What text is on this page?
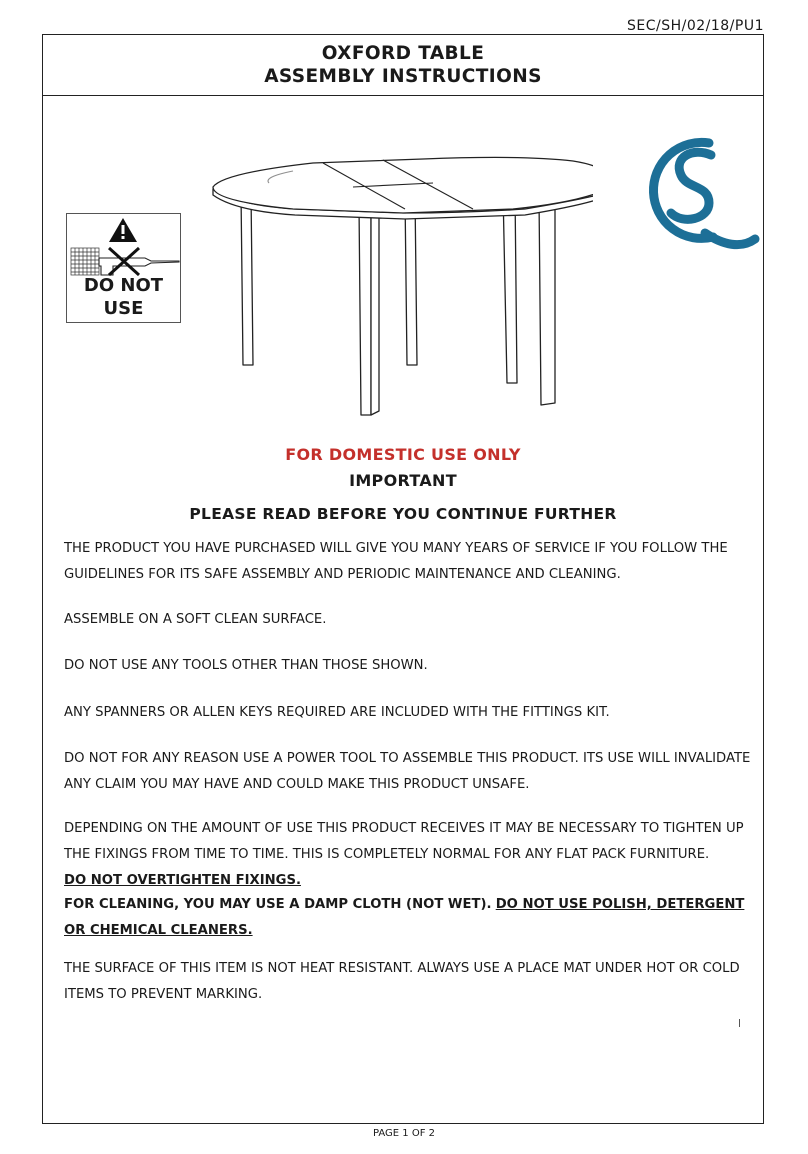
SEC/SH/02/18/PU1
OXFORD TABLE
ASSEMBLY INSTRUCTIONS
DO NOT
USE
FOR DOMESTIC USE ONLY
IMPORTANT
PLEASE READ BEFORE YOU CONTINUE FURTHER
THE PRODUCT YOU HAVE PURCHASED WILL GIVE YOU MANY YEARS OF SERVICE IF YOU FOLLOW THE GUIDELINES FOR ITS SAFE ASSEMBLY AND PERIODIC MAINTENANCE AND CLEANING.
ASSEMBLE ON A SOFT CLEAN SURFACE.
DO NOT USE ANY TOOLS OTHER THAN THOSE SHOWN.
ANY SPANNERS OR ALLEN KEYS REQUIRED ARE INCLUDED WITH THE FITTINGS KIT.
DO NOT FOR ANY REASON USE A POWER TOOL TO ASSEMBLE THIS PRODUCT. ITS USE WILL INVALIDATE ANY CLAIM YOU MAY HAVE AND COULD MAKE THIS PRODUCT UNSAFE.
DEPENDING ON THE AMOUNT OF USE THIS PRODUCT RECEIVES IT MAY BE NECESSARY TO TIGHTEN UP THE FIXINGS FROM TIME TO TIME. THIS IS COMPLETELY NORMAL FOR ANY FLAT PACK FURNITURE.
DO NOT OVERTIGHTEN FIXINGS.
FOR CLEANING, YOU MAY USE A DAMP CLOTH (NOT WET). DO NOT USE POLISH, DETERGENT OR CHEMICAL CLEANERS.
THE SURFACE OF THIS ITEM IS NOT HEAT RESISTANT. ALWAYS USE A PLACE MAT UNDER HOT OR COLD ITEMS TO PREVENT MARKING.
PAGE 1 OF 2
